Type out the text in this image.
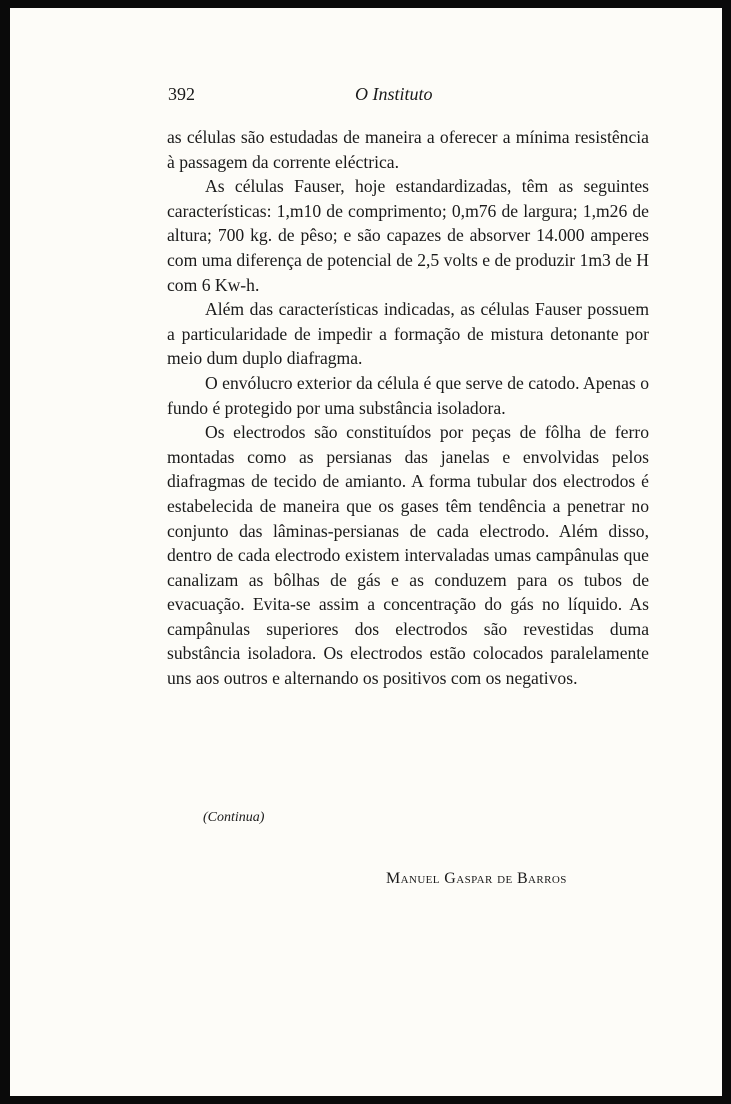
392	O Instituto

as células são estudadas de maneira a oferecer a mínima resistência à passagem da corrente eléctrica.

As células Fauser, hoje estandardizadas, têm as seguintes características: 1,m10 de comprimento; 0,m76 de largura; 1,m26 de altura; 700 kg. de pêso; e são capazes de absorver 14.000 amperes com uma diferença de potencial de 2,5 volts e de produzir 1m3 de H com 6 Kw-h.

Além das características indicadas, as células Fauser possuem a particularidade de impedir a formação de mistura detonante por meio dum duplo diafragma.

O envólucro exterior da célula é que serve de catodo. Apenas o fundo é protegido por uma substância isoladora.

Os electrodos são constituídos por peças de fôlha de ferro montadas como as persianas das janelas e envolvidas pelos diafragmas de tecido de amianto. A forma tubular dos electrodos é estabelecida de maneira que os gases têm tendência a penetrar no conjunto das lâminas-persianas de cada electrodo. Além disso, dentro de cada electrodo existem intervaladas umas campânulas que canalizam as bôlhas de gás e as conduzem para os tubos de evacuação. Evita-se assim a concentração do gás no líquido. As campânulas superiores dos electrodos são revestidas duma substância isoladora. Os electrodos estão colocados paralelamente uns aos outros e alternando os positivos com os negativos.

(Continua)
Manuel Gaspar de Barros
